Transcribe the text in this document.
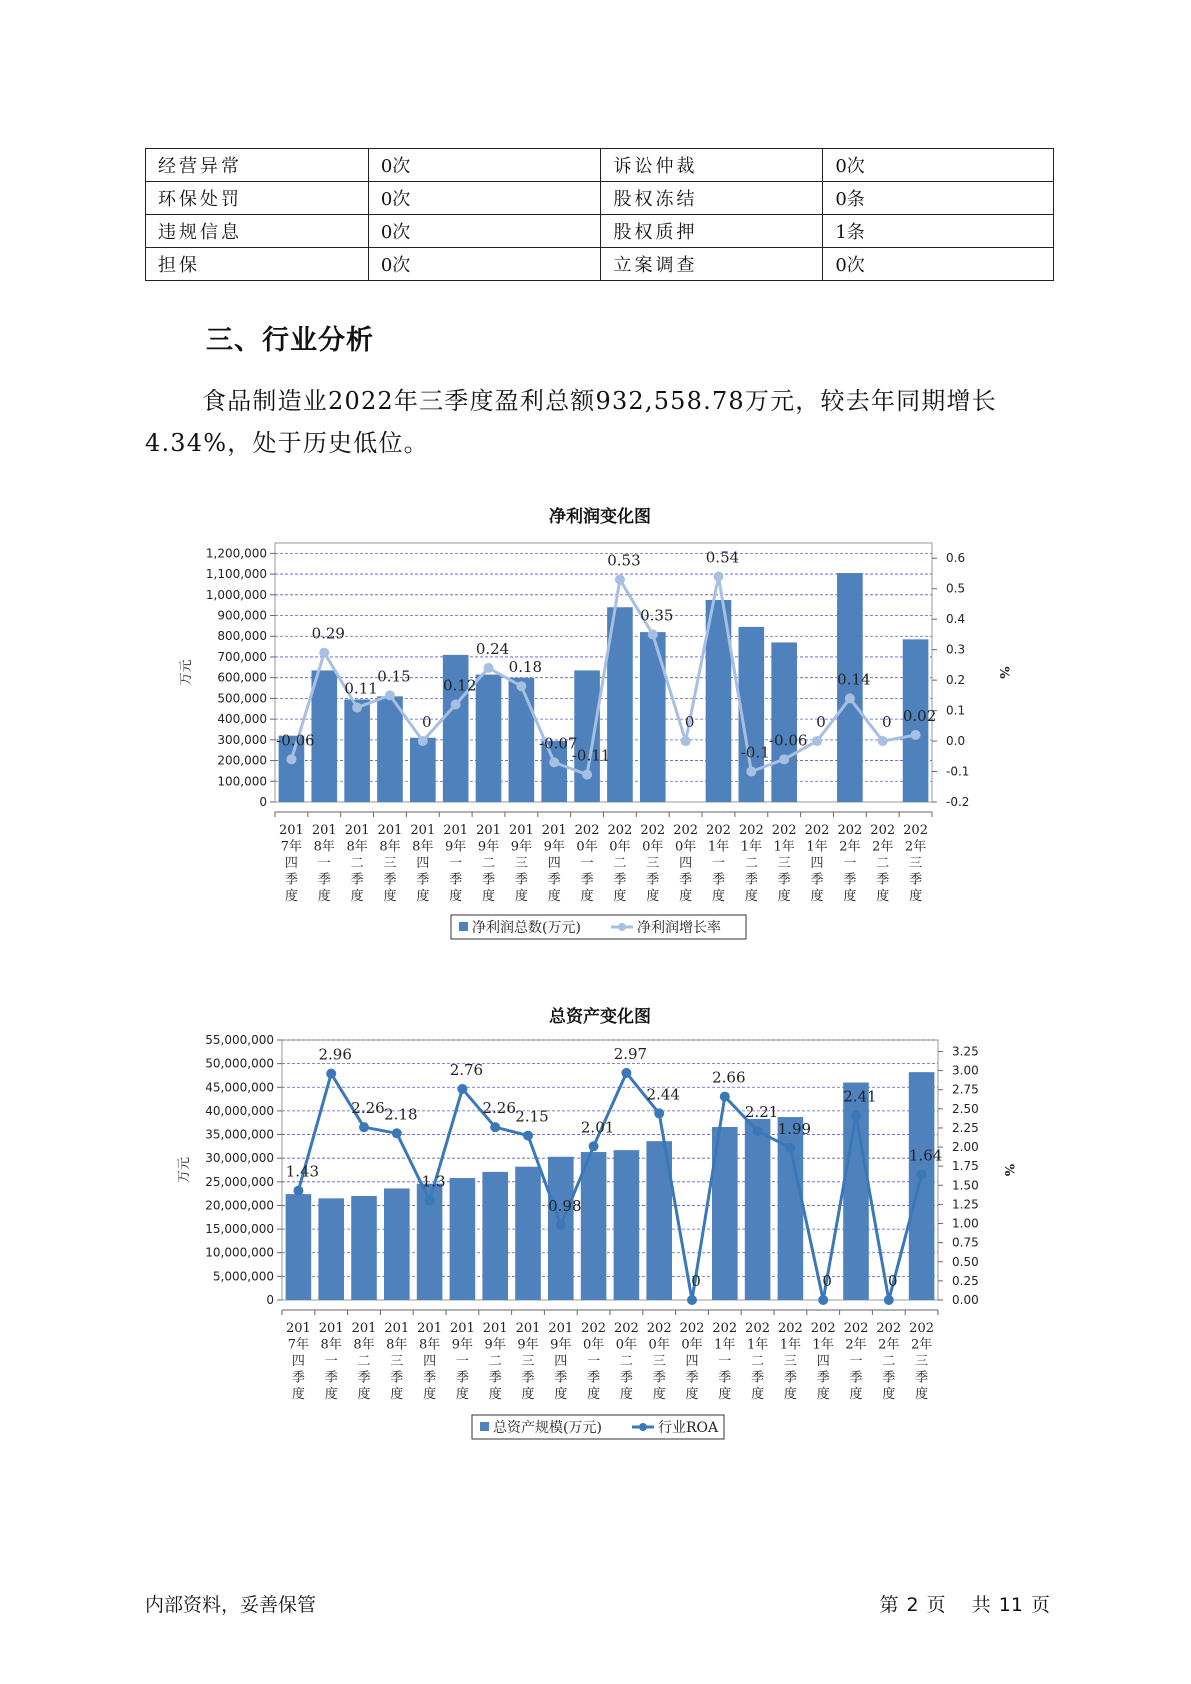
经营异常	0次	诉讼仲裁	0次
环保处罚	0次	股权冻结	0条
违规信息	0次	股权质押	1条
担保	0次	立案调查	0次
三、行业分析

食品制造业2022年三季度盈利总额932,558.78万元，较去年同期增长4.34%，处于历史低位。

净利润变化图
0
100,000
200,000
300,000
400,000
500,000
600,000
700,000
800,000
900,000
1,000,000
1,100,000
1,200,000
-0.2
-0.1
0.0
0.1
0.2
0.3
0.4
0.5
0.6
万元	%
-0.06
0.29
0.11
0.15
0
0.12
0.24
0.18
-0.07
-0.11
0.53
0.35
0
0.54
-0.1
-0.06
0
0.14
0 0.02
201
7年
四
季
度
201
8年
一
季
度
201
8年
二
季
度
201
8年
三
季
度
201
8年
四
季
度
201
9年
一
季
度
201
9年
二
季
度
201
9年
三
季
度
201
9年
四
季
度
202
0年
一
季
度
202
0年
二
季
度
202
0年
三
季
度
202
0年
四
季
度
202
1年
一
季
度
202
1年
二
季
度
202
1年
三
季
度
202
1年
四
季
度
202
2年
一
季
度
202
2年
二
季
度
202
2年
三
季
度
净利润总数(万元)	净利润增长率
总资产变化图
0
5,000,000
10,000,000
15,000,000
20,000,000
25,000,000
30,000,000
35,000,000
40,000,000
45,000,000
50,000,000
55,000,000
0.00
0.25
0.50
0.75
1.00
1.25
1.50
1.75
2.00
2.25
2.50
2.75
3.00
3.25
万元	%
1.43
2.96
2.26 2.18
1.3
2.76
2.26 2.15
0.98
2.01
2.97
2.44
0
2.66
2.21
1.99
0
2.41
0
1.64
201
7年
四
季
度
201
8年
一
季
度
201
8年
二
季
度
201
8年
三
季
度
201
8年
四
季
度
201
9年
一
季
度
201
9年
二
季
度
201
9年
三
季
度
201
9年
四
季
度
202
0年
一
季
度
202
0年
二
季
度
202
0年
三
季
度
202
0年
四
季
度
202
1年
一
季
度
202
1年
二
季
度
202
1年
三
季
度
202
1年
四
季
度
202
2年
一
季
度
202
2年
二
季
度
202
2年
三
季
度
总资产规模(万元)	行业ROA
内部资料，妥善保管	第 2 页 共 11 页
